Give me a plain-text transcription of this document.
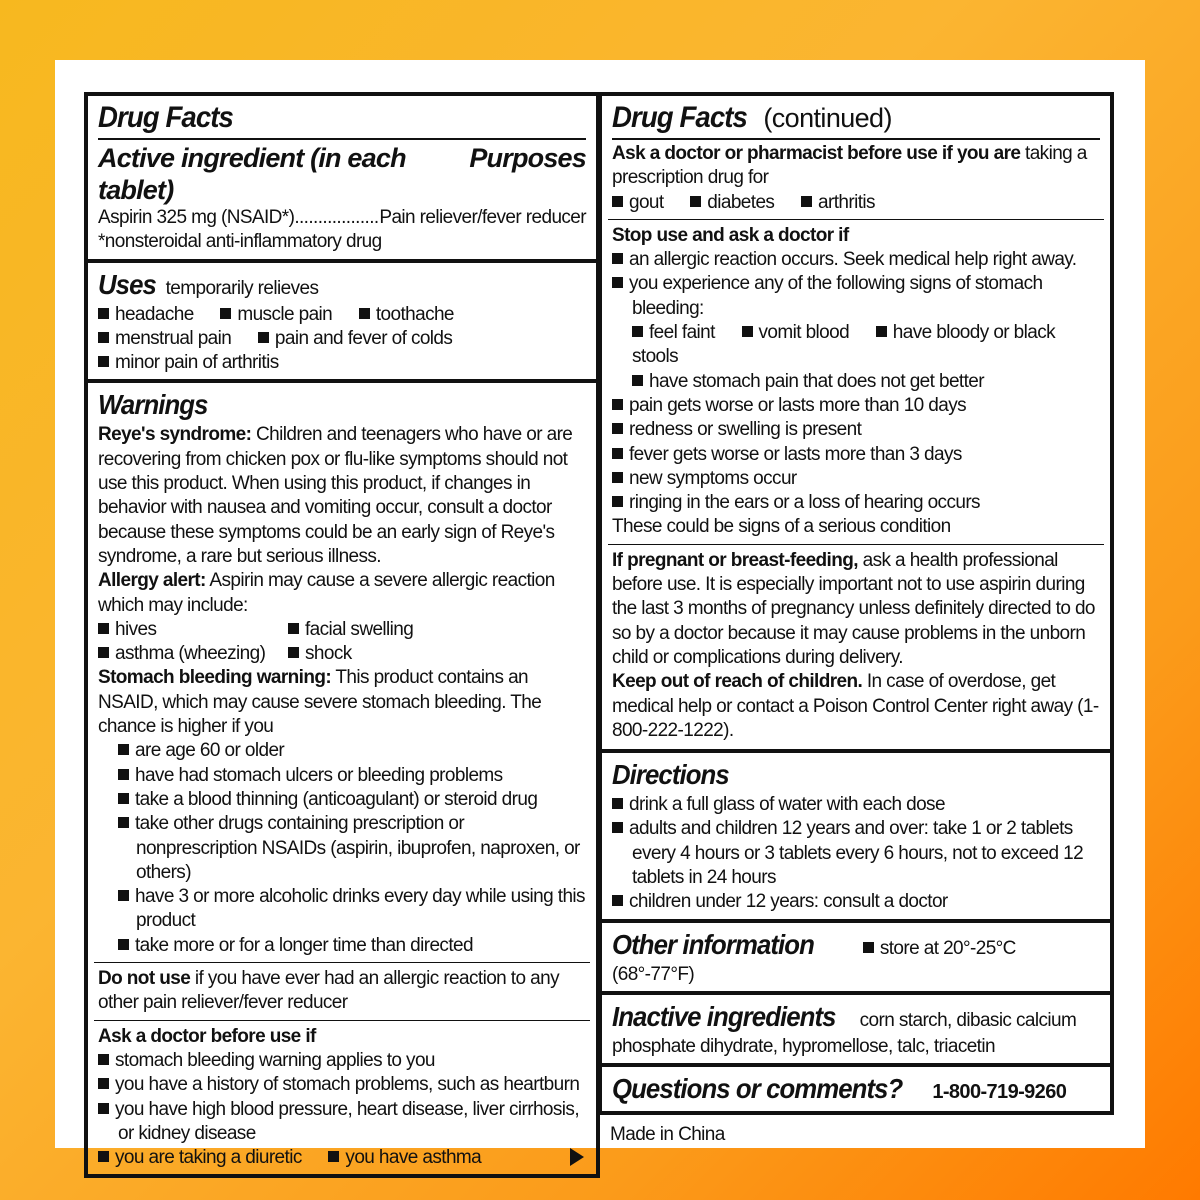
Drug Facts
Active ingredient (in each tablet)
Purposes
Aspirin 325 mg (NSAID*)
.....	Pain reliever/fever reducer
*nonsteroidal anti-inflammatory drug
Uses temporarily relieves
headache muscle pain toothache
menstrual pain pain and fever of colds
minor pain of arthritis
Warnings
Reye's syndrome: Children and teenagers who have or are recovering from chicken pox or flu-like symptoms should not use this product. When using this product, if changes in behavior with nausea and vomiting occur, consult a doctor because these symptoms could be an early sign of Reye's syndrome, a rare but serious illness.
Allergy alert: Aspirin may cause a severe allergic reaction which may include:
hives	facial swelling
asthma (wheezing)	shock
Stomach bleeding warning: This product contains an NSAID, which may cause severe stomach bleeding. The chance is higher if you
are age 60 or older
have had stomach ulcers or bleeding problems
take a blood thinning (anticoagulant) or steroid drug
take other drugs containing prescription or nonprescription NSAIDs (aspirin, ibuprofen, naproxen, or others)
have 3 or more alcoholic drinks every day while using this product
take more or for a longer time than directed
Do not use if you have ever had an allergic reaction to any other pain reliever/fever reducer
Ask a doctor before use if
stomach bleeding warning applies to you
you have a history of stomach problems, such as heartburn
you have high blood pressure, heart disease, liver cirrhosis, or kidney disease
you are taking a diuretic you have asthma
Drug Facts (continued)
Ask a doctor or pharmacist before use if you are taking a prescription drug for
gout diabetes arthritis
Stop use and ask a doctor if
an allergic reaction occurs. Seek medical help right away.
you experience any of the following signs of stomach bleeding:
feel faint vomit blood have bloody or black stools
have stomach pain that does not get better
pain gets worse or lasts more than 10 days
redness or swelling is present
fever gets worse or lasts more than 3 days
new symptoms occur
ringing in the ears or a loss of hearing occurs
These could be signs of a serious condition
If pregnant or breast-feeding, ask a health professional before use. It is especially important not to use aspirin during the last 3 months of pregnancy unless definitely directed to do so by a doctor because it may cause problems in the unborn child or complications during delivery.
Keep out of reach of children. In case of overdose, get medical help or contact a Poison Control Center right away (1-800-222-1222).
Directions
drink a full glass of water with each dose
adults and children 12 years and over: take 1 or 2 tablets every 4 hours or 3 tablets every 6 hours, not to exceed 12 tablets in 24 hours
children under 12 years: consult a doctor
Other information	store at 20°-25°C (68°-77°F)
Inactive ingredients corn starch, dibasic calcium phosphate dihydrate, hypromellose, talc, triacetin
Questions or comments? 1-800-719-9260
Made in China
